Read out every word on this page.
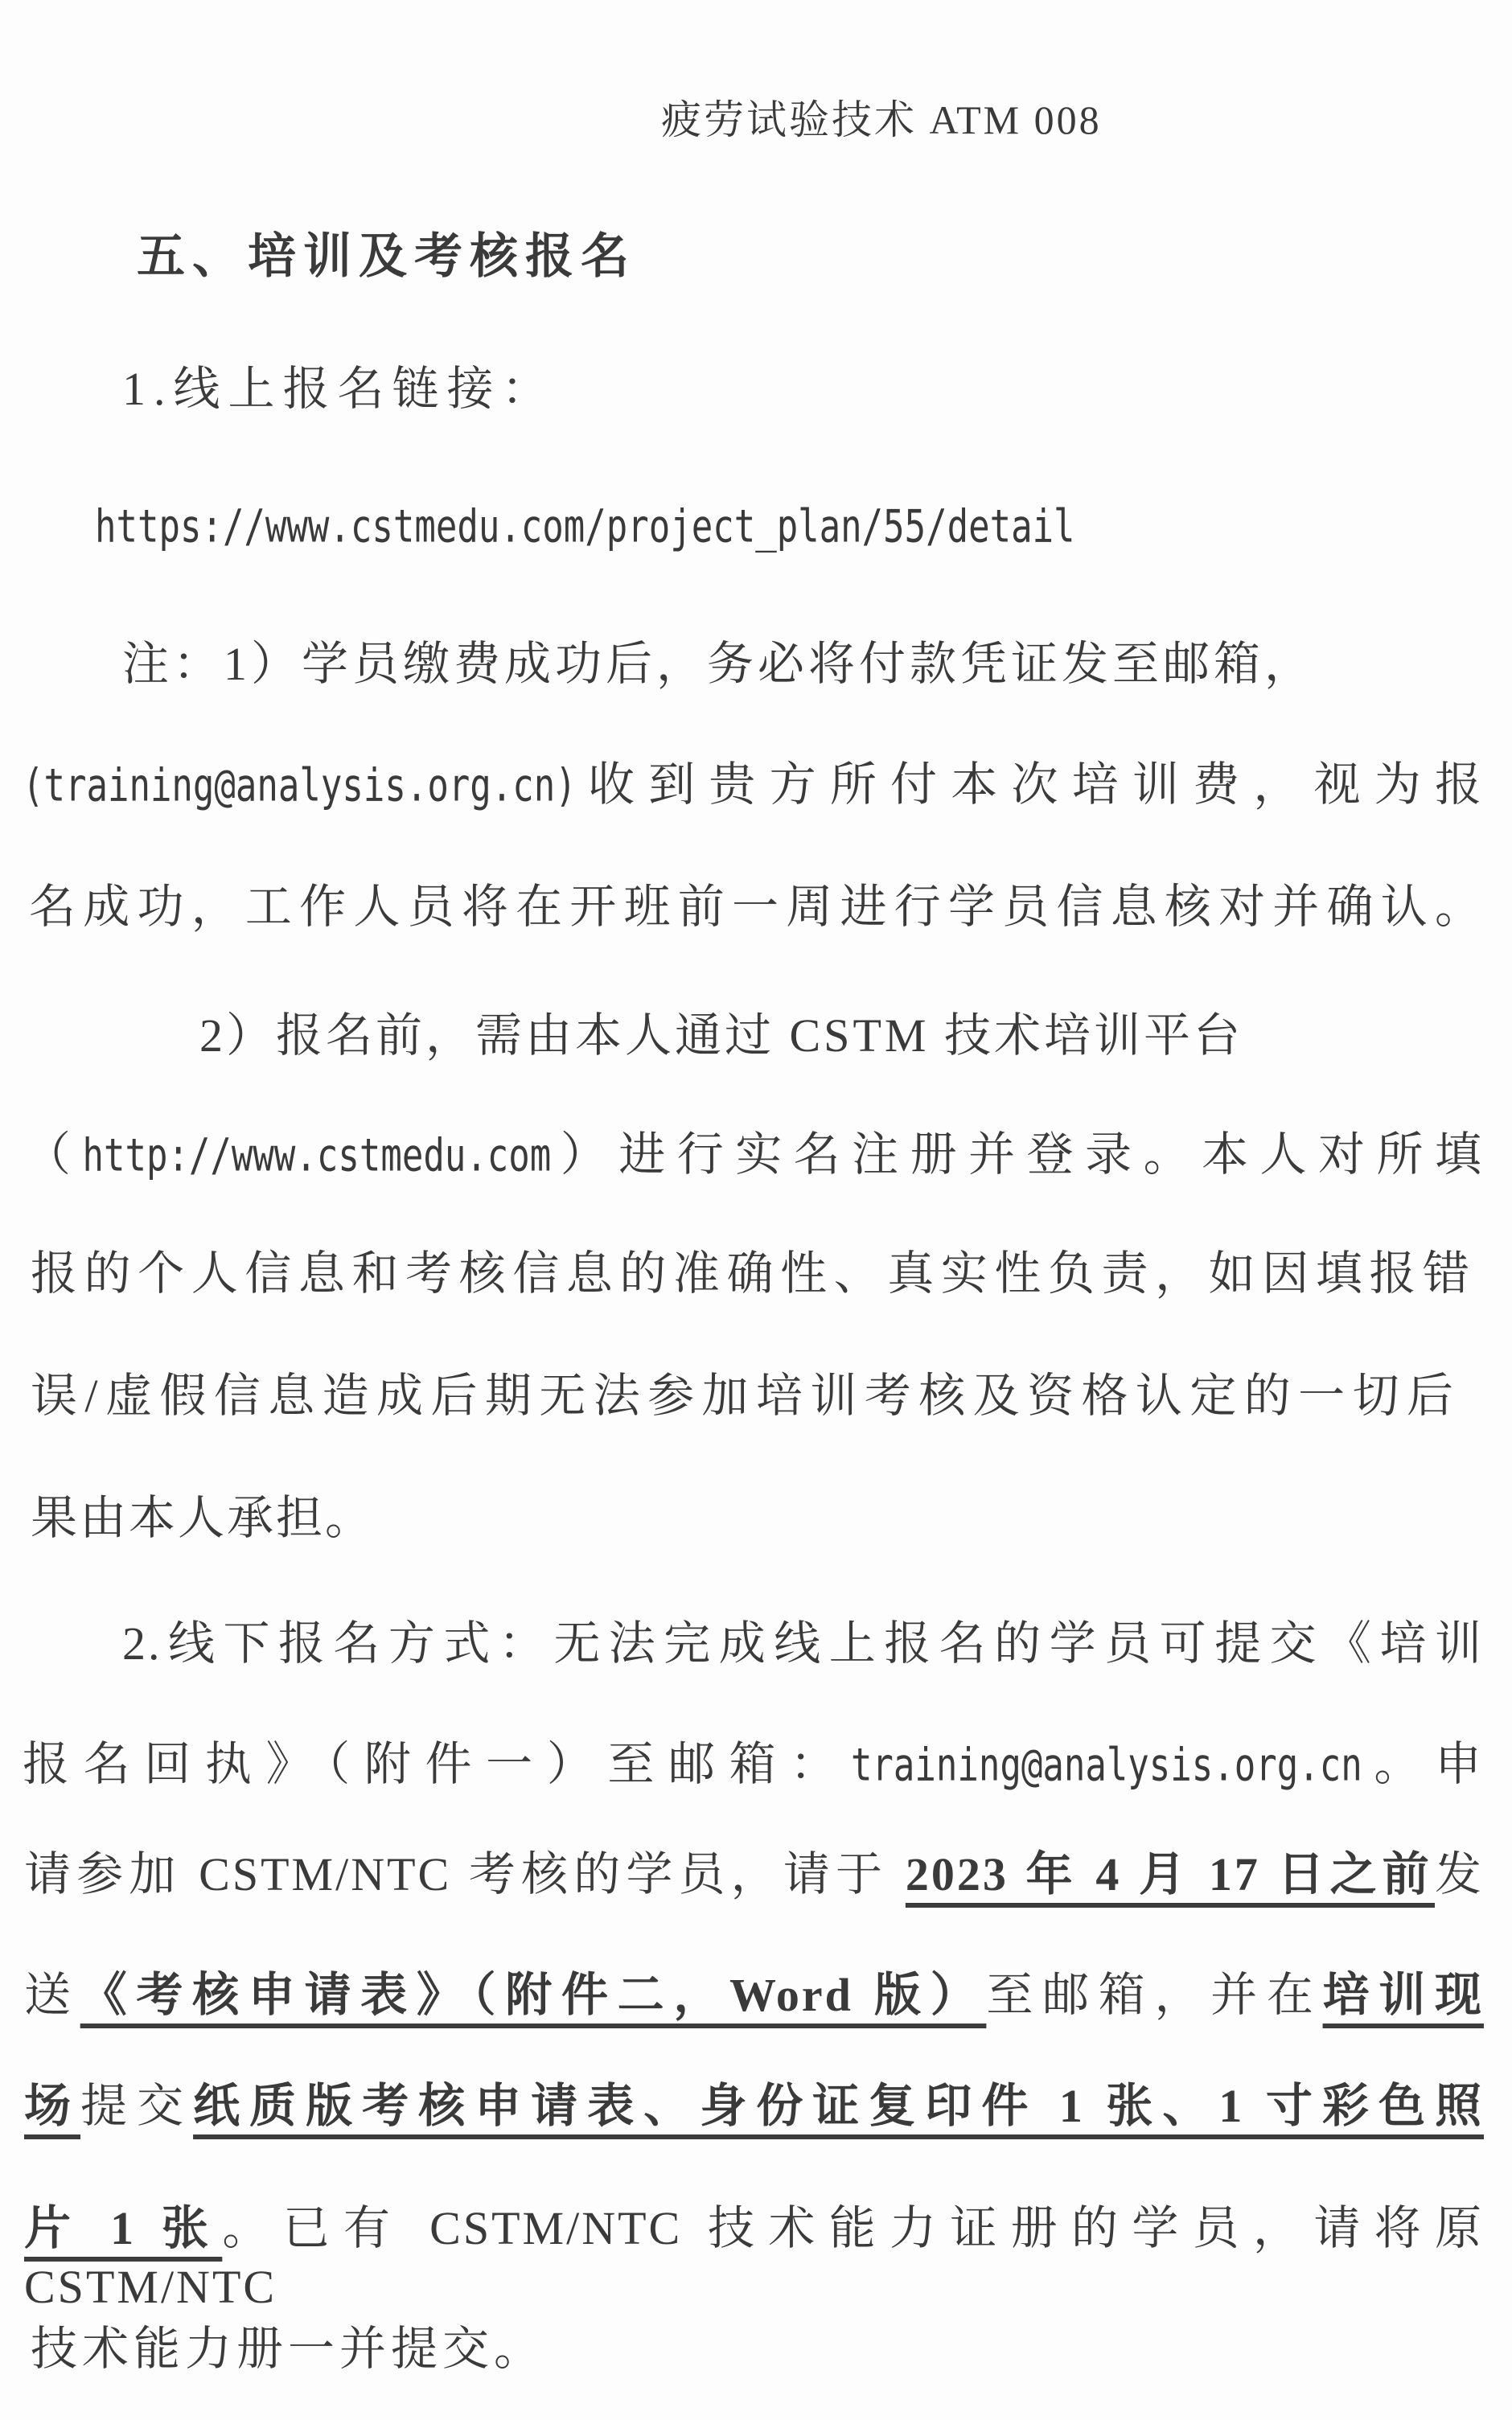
疲劳试验技术 ATM 008
五、培训及考核报名
1.线上报名链接：
https://www.cstmedu.com/project_plan/55/detail
注：1）学员缴费成功后，务必将付款凭证发至邮箱，
(training@analysis.org.cn)收到贵方所付本次培训费，视为报
名成功，工作人员将在开班前一周进行学员信息核对并确认。
2）报名前，需由本人通过 CSTM 技术培训平台
（http://www.cstmedu.com）进行实名注册并登录。本人对所填
报的个人信息和考核信息的准确性、真实性负责，如因填报错
误/虚假信息造成后期无法参加培训考核及资格认定的一切后
果由本人承担。
2.线下报名方式：无法完成线上报名的学员可提交《培训
报名回执》（附件一）至邮箱：training@analysis.org.cn。申
请参加 CSTM/NTC 考核的学员，请于 2023 年 4 月 17 日之前发
送《考核申请表》（附件二，Word 版）至邮箱，并在培训现
场提交纸质版考核申请表、身份证复印件 1 张、1 寸彩色照
片 1 张。已有 CSTM/NTC 技术能力证册的学员，请将原 CSTM/NTC
技术能力册一并提交。
